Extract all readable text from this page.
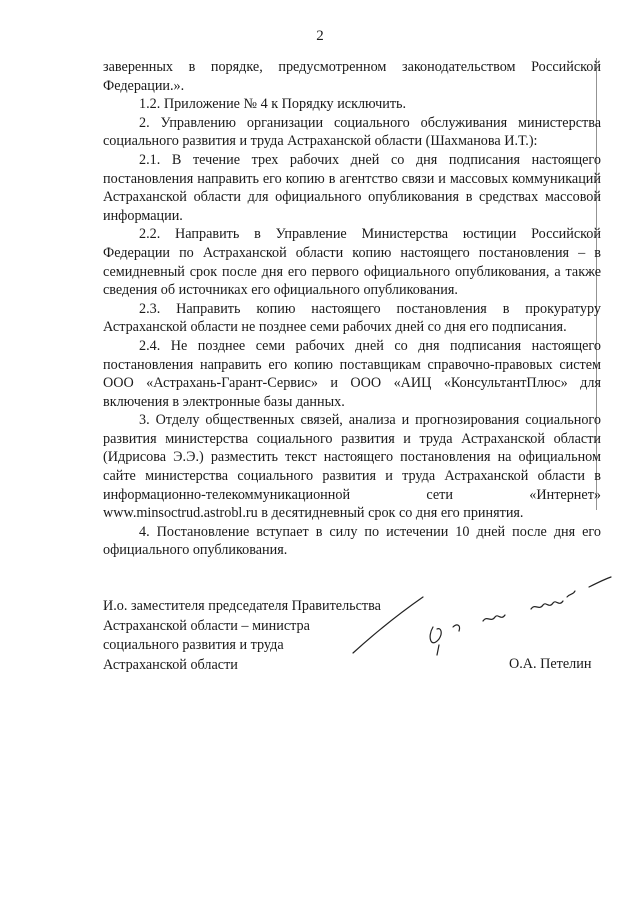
2

заверенных в порядке, предусмотренном законодательством Российской Федерации.».

1.2. Приложение № 4 к Порядку исключить.

2. Управлению организации социального обслуживания министерства социального развития и труда Астраханской области (Шахманова И.Т.):

2.1. В течение трех рабочих дней со дня подписания настоящего постановления направить его копию в агентство связи и массовых коммуникаций Астраханской области для официального опубликования в средствах массовой информации.

2.2. Направить в Управление Министерства юстиции Российской Федерации по Астраханской области копию настоящего постановления – в семидневный срок после дня его первого официального опубликования, а также сведения об источниках его официального опубликования.

2.3. Направить копию настоящего постановления в прокуратуру Астраханской области не позднее семи рабочих дней со дня его подписания.

2.4. Не позднее семи рабочих дней со дня подписания настоящего постановления направить его копию поставщикам справочно-правовых систем ООО «Астрахань-Гарант-Сервис» и ООО «АИЦ «КонсультантПлюс» для включения в электронные базы данных.

3. Отделу общественных связей, анализа и прогнозирования социального развития министерства социального развития и труда Астраханской области (Идрисова Э.Э.) разместить текст настоящего постановления на официальном сайте министерства социального развития и труда Астраханской области в информационно-телекоммуникационной сети «Интернет» www.minsoctrud.astrobl.ru в десятидневный срок со дня его принятия.

4. Постановление вступает в силу по истечении 10 дней после дня его официального опубликования.

И.о. заместителя председателя Правительства
Астраханской области – министра
социального развития и труда
Астраханской области	О.А. Петелин
